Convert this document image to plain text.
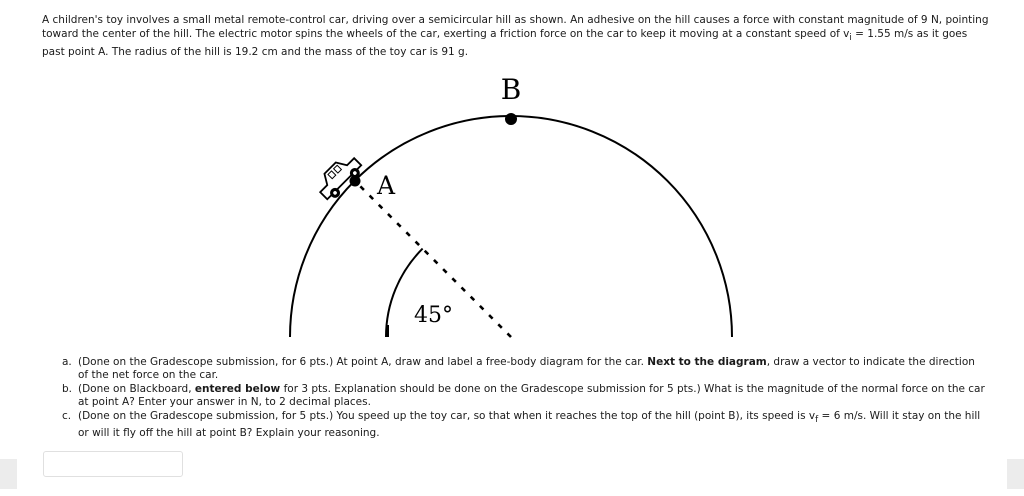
A children's toy involves a small metal remote-control car, driving over a semicircular hill as shown. An adhesive on the hill causes a force with constant magnitude of 9 N, pointing toward the center of the hill. The electric motor spins the wheels of the car, exerting a friction force on the car to keep it moving at a constant speed of $v_i = 1.55$ m/s as it goes past point A. The radius of the hill is 19.2 cm and the mass of the toy car is 91 g.

B
A
45°
a. (Done on the Gradescope submission, for 6 pts.) At point A, draw and label a free-body diagram for the car. Next to the diagram, draw a vector to indicate the direction of the net force on the car.
b. (Done on Blackboard, entered below for 3 pts. Explanation should be done on the Gradescope submission for 5 pts.) What is the magnitude of the normal force on the car at point A? Enter your answer in N, to 2 decimal places.
c. (Done on the Gradescope submission, for 5 pts.) You speed up the toy car, so that when it reaches the top of the hill (point B), its speed is $v_f = 6$ m/s. Will it stay on the hill or will it fly off the hill at point B? Explain your reasoning.
